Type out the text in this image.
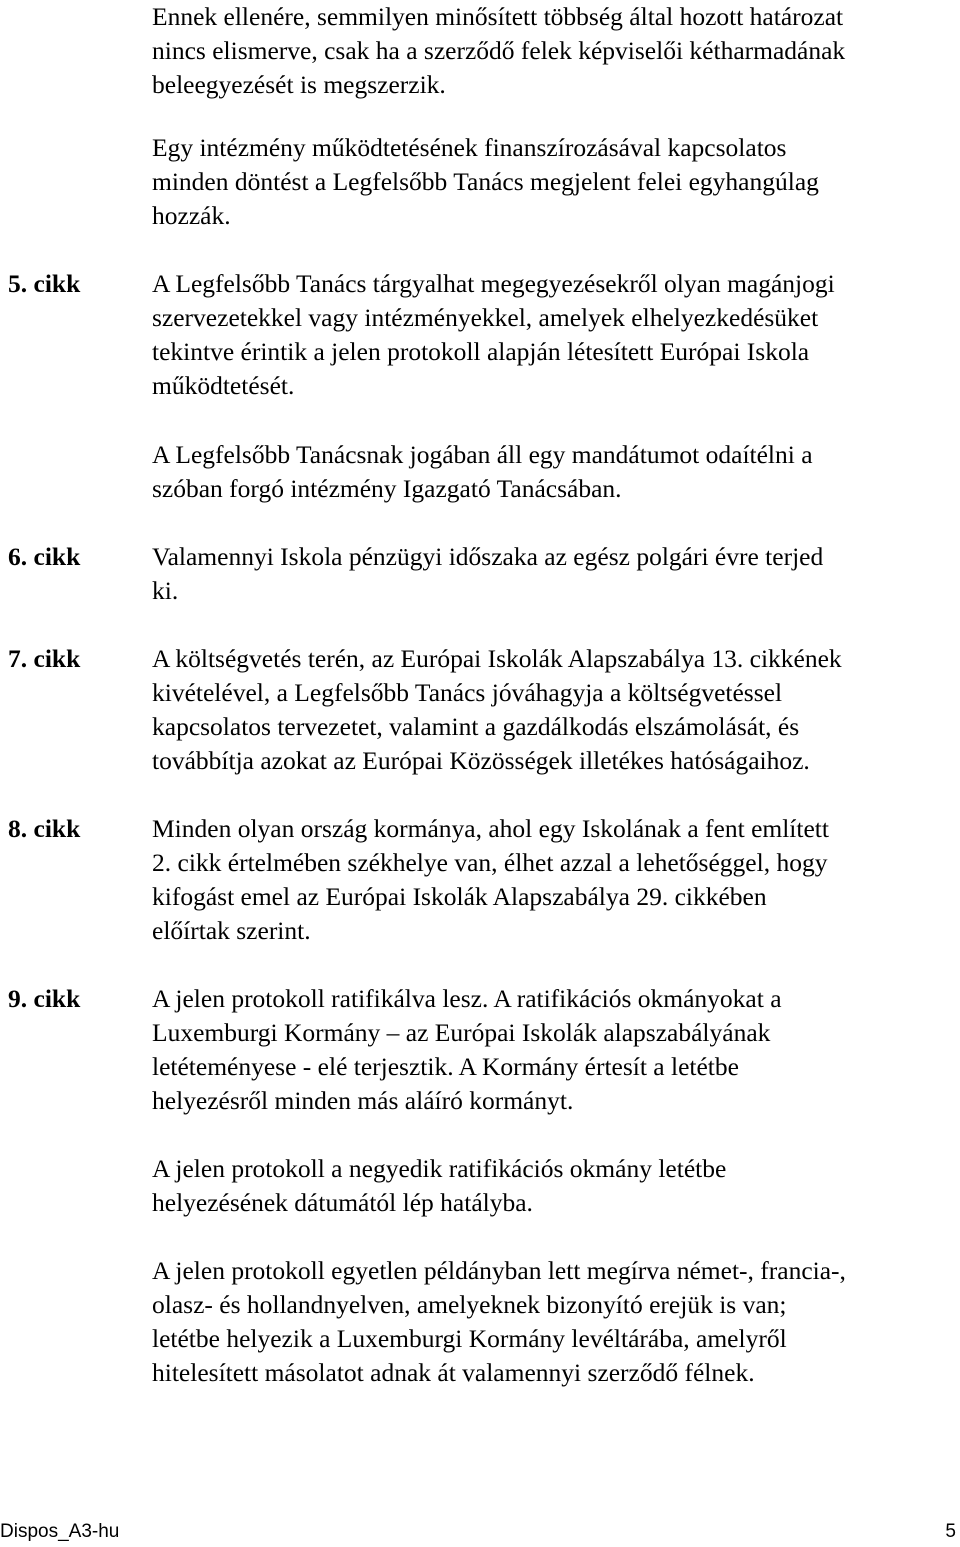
Ennek ellenére, semmilyen minősített többség által hozott határozat
nincs elismerve, csak ha a szerződő felek képviselői kétharmadának
beleegyezését is megszerzik.
Egy intézmény működtetésének finanszírozásával kapcsolatos
minden döntést a Legfelsőbb Tanács megjelent felei egyhangúlag
hozzák.
5. cikk	A Legfelsőbb Tanács tárgyalhat megegyezésekről olyan magánjogi
szervezetekkel vagy intézményekkel, amelyek elhelyezkedésüket
tekintve érintik a jelen protokoll alapján létesített Európai Iskola
működtetését.
A Legfelsőbb Tanácsnak jogában áll egy mandátumot odaítélni a
szóban forgó intézmény Igazgató Tanácsában.
6. cikk	Valamennyi Iskola pénzügyi időszaka az egész polgári évre terjed
ki.
7. cikk	A költségvetés terén, az Európai Iskolák Alapszabálya 13. cikkének
kivételével, a Legfelsőbb Tanács jóváhagyja a költségvetéssel
kapcsolatos tervezetet, valamint a gazdálkodás elszámolását, és
továbbítja azokat az Európai Közösségek illetékes hatóságaihoz.
8. cikk	Minden olyan ország kormánya, ahol egy Iskolának a fent említett
2. cikk értelmében székhelye van, élhet azzal a lehetőséggel, hogy
kifogást emel az Európai Iskolák Alapszabálya 29. cikkében
előírtak szerint.
9. cikk	A jelen protokoll ratifikálva lesz. A ratifikációs okmányokat a
Luxemburgi Kormány – az Európai Iskolák alapszabályának
letéteményese - elé terjesztik. A Kormány értesít a letétbe
helyezésről minden más aláíró kormányt.
A jelen protokoll a negyedik ratifikációs okmány letétbe
helyezésének dátumától lép hatályba.
A jelen protokoll egyetlen példányban lett megírva német-, francia-,
olasz- és hollandnyelven, amelyeknek bizonyító erejük is van;
letétbe helyezik a Luxemburgi Kormány levéltárába, amelyről
hitelesített másolatot adnak át valamennyi szerződő félnek.
Dispos_A3-hu	5
